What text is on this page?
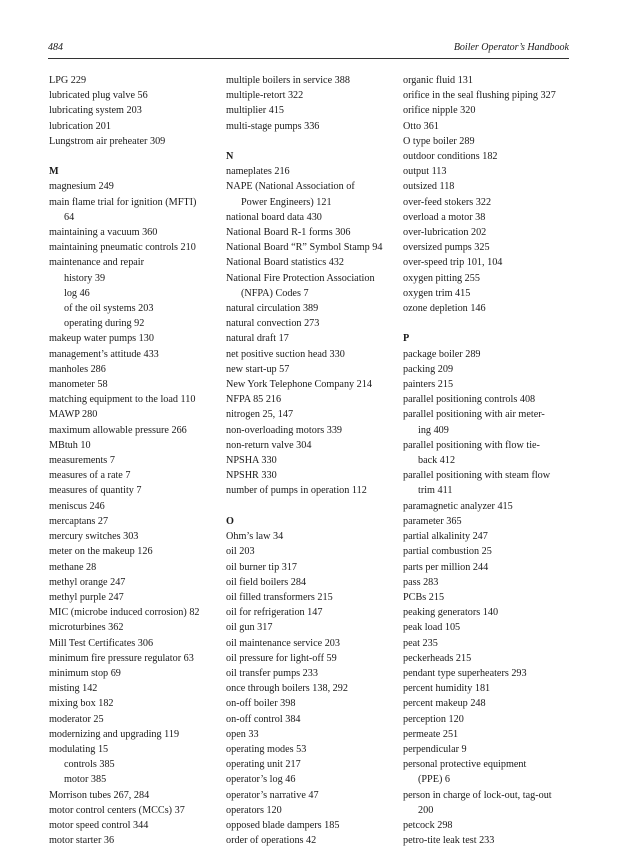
484	Boiler Operator’s Handbook
LPG 229
lubricated plug valve 56
lubricating system 203
lubrication 201
Lungstrom air preheater 309

M
magnesium 249
main flame trial for ignition (MFTI)
64
maintaining a vacuum 360
maintaining pneumatic controls 210
maintenance and repair
history 39
log 46
of the oil systems 203
operating during 92
makeup water pumps 130
management’s attitude 433
manholes 286
manometer 58
matching equipment to the load 110
MAWP 280
maximum allowable pressure 266
MBtuh 10
measurements 7
measures of a rate 7
measures of quantity 7
meniscus 246
mercaptans 27
mercury switches 303
meter on the makeup 126
methane 28
methyl orange 247
methyl purple 247
MIC (microbe induced corrosion) 82
microturbines 362
Mill Test Certificates 306
minimum fire pressure regulator 63
minimum stop 69
misting 142
mixing box 182
moderator 25
modernizing and upgrading 119
modulating 15
controls 385
motor 385
Morrison tubes 267, 284
motor control centers (MCCs) 37
motor speed control 344
motor starter 36
multiple boilers in service 388
multiple-retort 322
multiplier 415
multi-stage pumps 336

N
nameplates 216
NAPE (National Association of
Power Engineers) 121
national board data 430
National Board R-1 forms 306
National Board “R” Symbol Stamp 94
National Board statistics 432
National Fire Protection Association
(NFPA) Codes 7
natural circulation 389
natural convection 273
natural draft 17
net positive suction head 330
new start-up 57
New York Telephone Company 214
NFPA 85 216
nitrogen 25, 147
non-overloading motors 339
non-return valve 304
NPSHA 330
NPSHR 330
number of pumps in operation 112

O
Ohm’s law 34
oil 203
oil burner tip 317
oil field boilers 284
oil filled transformers 215
oil for refrigeration 147
oil gun 317
oil maintenance service 203
oil pressure for light-off 59
oil transfer pumps 233
once through boilers 138, 292
on-off boiler 398
on-off control 384
open 33
operating modes 53
operating unit 217
operator’s log 46
operator’s narrative 47
operators 120
opposed blade dampers 185
order of operations 42
organic fluid 131
orifice in the seal flushing piping 327
orifice nipple 320
Otto 361
O type boiler 289
outdoor conditions 182
output 113
outsized 118
over-feed stokers 322
overload a motor 38
over-lubrication 202
oversized pumps 325
over-speed trip 101, 104
oxygen pitting 255
oxygen trim 415
ozone depletion 146

P
package boiler 289
packing 209
painters 215
parallel positioning controls 408
parallel positioning with air meter-
ing 409
parallel positioning with flow tie-
back 412
parallel positioning with steam flow
trim 411
paramagnetic analyzer 415
parameter 365
partial alkalinity 247
partial combustion 25
parts per million 244
pass 283
PCBs 215
peaking generators 140
peak load 105
peat 235
peckerheads 215
pendant type superheaters 293
percent humidity 181
percent makeup 248
perception 120
permeate 251
perpendicular 9
personal protective equipment
(PPE) 6
person in charge of lock-out, tag-out
200
petcock 298
petro-tite leak test 233
